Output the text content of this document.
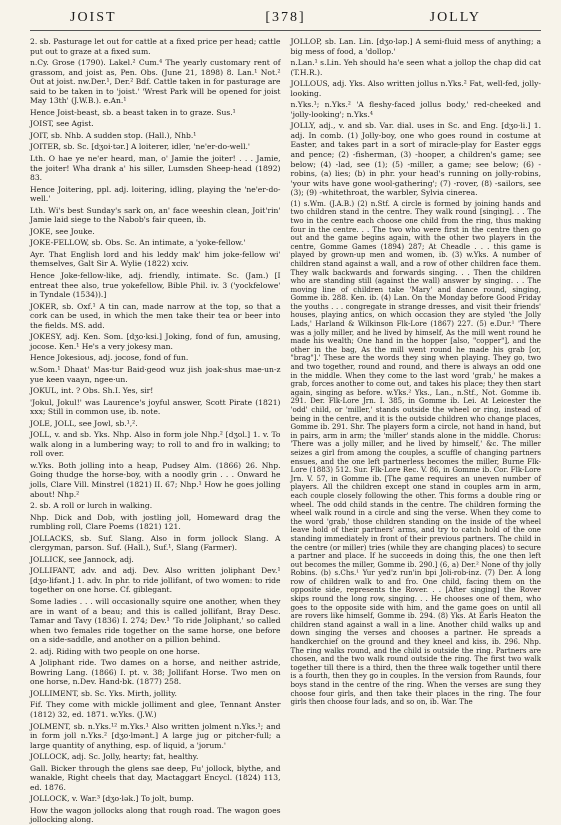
JOIST	[378]	JOLLY

2. sb. Pasturage let out for cattle at a fixed price per head; cattle put out to graze at a fixed sum.

n.Cy. Grose (1790). Lakel.² Cum.⁴ The yearly customary rent of grassom, and joist as, Pen. Obs. (June 21, 1898) 8. Lan.¹ Not.² Out at joist. nw.Der.¹, Der.² Bdf. Cattle taken in for pasturage are said to be taken in to 'joist.' 'Wrest Park will be opened for joist May 13th' (J.W.B.). e.An.¹

Hence Joist-beast, sb. a beast taken in to graze. Sus.¹

JOIST, see Agist.

JOIT, sb. Nhb. A sudden stop. (Hall.), Nhb.¹

JOITER, sb. Sc. [dʒoi·tər.] A loiterer, idler, 'ne'er-do-well.'

Lth. O hae ye ne'er heard, man, o' Jamie the joiter! . . . Jamie, the joiter! Wha drank a' his siller, Lumsden Sheep-head (1892) 83.

Hence Joitering, ppl. adj. loitering, idling, playing the 'ne'er-do-well.'

Lth. Wi's best Sunday's sark on, an' face weeshin clean, Joit'rin' Jamie laid siege to the Nabob's fair queen, ib.

JOKE, see Jouke.

JOKE-FELLOW, sb. Obs. Sc. An intimate, a 'yoke-fellow.'

Ayr. That English lord and his leddy mak' him joke-fellow wi' themselves, Galt Sir A. Wylie (1822) xciv.

Hence Joke-fellow-like, adj. friendly, intimate. Sc. (Jam.) [I entreat thee also, true yokefellow, Bible Phil. iv. 3 ('yockfelowe' in Tyndale (1534)).]

JOKER, sb. Oxf.¹ A tin can, made narrow at the top, so that a cork can be used, in which the men take their tea or beer into the fields. MS. add.

JOKESY, adj. Ken. Som. [dʒo·ksi.] Joking, fond of fun, amusing, jocose. Ken.¹ He's a very jokesy man.

Hence Jokesious, adj. jocose, fond of fun.

w.Som.¹ Dhaat' Mas·tur Baid·geod wuz jish joak·shus mae·un-z yue keen vaayn, ngee·un.

JOKUL, int. ? Obs. Sh.I. Yes, sir!

'Jokul, Jokul!' was Laurence's joyful answer, Scott Pirate (1821) xxx; Still in common use, ib. note.

JOLE, JOLL, see Jowl, sb.¹,².

JOLL, v. and sb. Yks. Nhp. Also in form jole Nhp.² [dʒol.] 1. v. To walk along in a lumbering way; to roll to and fro in walking; to roll over.

w.Yks. Both jolling into a heap, Pudsey Alm. (1866) 26. Nhp. Going thudge the horse-boy, with a noodly grin . . . Onward he jolls, Clare Vill. Minstrel (1821) II. 67; Nhp.¹ How he goes jolling about! Nhp.²

2. sb. A roll or lurch in walking.

Nhp. Dick and Dob, with jostling joll, Homeward drag the rumbling roll, Clare Poems (1821) 121.

JOLLACKS, sb. Suf. Slang. Also in form jollock Slang. A clergyman, parson. Suf. (Hall.), Suf.¹, Slang (Farmer).

JOLLICK, see Jannock, adj.

JOLLIFANT, adv. and adj. Dev. Also written joliphant Dev.¹ [dʒo·lifənt.] 1. adv. In phr. to ride jollifant, of two women: to ride together on one horse. Cf. giblegant.

Some ladies . . . will occasionally squire one another, when they are in want of a beau; and this is called jollifant, Bray Desc. Tamar and Tavy (1836) I. 274; Dev.¹ 'To ride Joliphant,' so called when two females ride together on the same horse, one before on a side-saddle, and another on a pillion behind.

2. adj. Riding with two people on one horse.

A Joliphant ride. Two dames on a horse, and neither astride, Bowring Lang. (1866) I. pt. v. 38; Jollifant Horse. Two men on one horse, n.Dev. Hand-bk. (1877) 258.

JOLLIMENT, sb. Sc. Yks. Mirth, jollity.

Fif. They come with mickle jolliment and glee, Tennant Anster (1812) 32, ed. 1871. w.Yks. (J.W.)

JOLMENT, sb. n.Yks.¹² m.Yks.¹ Also written jolment n.Yks.¹; and in form joll n.Yks.² [dʒo·lmənt.] A large jug or pitcher-full; a large quantity of anything, esp. of liquid, a 'jorum.'

JOLLOCK, adj. Sc. Jolly, hearty; fat, healthy.

Gall. Bicker through the glens sae deep, Fu' jollock, blythe, and wanakle, Right cheels that day, Mactaggart Encycl. (1824) 113, ed. 1876.

JOLLOCK, v. War.³ [dʒo·lək.] To jolt, bump.

How the wagon jollocks along that rough road. The wagon goes jollocking along.

JOLLOP, sb. Lan. Lin. [dʒo·ləp.] A semi-fluid mess of anything; a big mess of food, a 'dollop.'

n.Lan.¹ s.Lin. Yeh should ha'e seen what a jollop the chap did cat (T.H.R.).

JOLLOUS, adj. Yks. Also written jollus n.Yks.² Fat, well-fed, jolly-looking.

n.Yks.¹; n.Yks.² 'A fleshy-faced jollus body,' red-cheeked and 'jolly-looking'; n.Yks.⁴

JOLLY, adj., v. and sb. Var. dial. uses in Sc. and Eng. [dʒo·li.] 1. adj. In comb. (1) Jolly-boy, one who goes round in costume at Easter, and takes part in a sort of miracle-play for Easter eggs and pence; (2) -fisherman, (3) -hooper, a children's game; see below; (4) -lad, see (1); (5) -miller, a game; see below; (6) -robins, (a) lies; (b) in phr. your head's running on jolly-robins, 'your wits have gone wool-gathering'; (7) -rover, (8) -sailors, see (3); (9) -whitethroat, the warbler, Sylvia cinerea.

(1) s.Wm. (J.A.B.) (2) n.Stf. A circle is formed by joining hands and two children stand in the centre. They walk round [singing]. . . The two in the centre each choose one child from the ring, thus making four in the centre. . . The two who were first in the centre then go out and the game begins again, with the other two players in the centre, Gomme Games (1894) 287; At Cheadle . . . this game is played by grown-up men and women, ib. (3) w.Yks. A number of children stand against a wall, and a row of other children face them. They walk backwards and forwards singing. . . Then the children who are standing still (against the wall) answer by singing. . . The moving line of children take 'Mary' and dance round, singing, Gomme ib. 288. Ken. ib. (4) Lan. On the Monday before Good Friday the youths . . . congregate in strange dresses, and visit their friends' houses, playing antics, on which occasion they are styled 'the Jolly Lads,' Harland & Wilkinson Flk-Lore (1867) 227. (5) e.Dur.¹ 'There was a jolly miller, and he lived by himself, As the mill went round he made his wealth; One hand in the hopper [also, "copper"], and the other in the bag, As the mill went round he made his grab [or, "brag"].' These are the words they sing when playing. They go, two and two together, round and round, and there is always an odd one in the middle. When they come to the last word 'grab,' he makes a grab, forces another to come out, and takes his place; they then start again, singing as before. w.Yks.² Yks., Lan., n.Stf., Not. Gomme ib. 291. Der. Flk-Lore Jrn. I. 385, in Gomme ib. Lei. At Leicester the 'odd' child, or 'miller,' stands outside the wheel or ring, instead of being in the centre, and it is the outside children who change places, Gomme ib. 291. Shr. The players form a circle, not hand in hand, but in pairs, arm in arm; the 'miller' stands alone in the middle. Chorus: 'There was a jolly miller, and he lived by himself,' &c. The miller seizes a girl from among the couples, a scuffle of changing partners ensues, and the one left partnerless becomes the miller, Burne Flk-Lore (1883) 512. Sur. Flk-Lore Rec. V. 86, in Gomme ib. Cor. Flk-Lore Jrn. V. 57, in Gomme ib. [The game requires an uneven number of players. All the children except one stand in couples arm in arm, each couple closely following the other. This forms a double ring or wheel. The odd child stands in the centre. The children forming the wheel walk round in a circle and sing the verse. When they come to the word 'grab,' those children standing on the inside of the wheel leave hold of their partners' arms, and try to catch hold of the one standing immediately in front of their previous partners. The child in the centre (or miller) tries (while they are changing places) to secure a partner and place. If he succeeds in doing this, the one then left out becomes the miller, Gomme ib. 290.] (6, a) Der.² None of thy jolly Robins. (b) s.Chs.¹ Yur yed'z run'in bpi Joli-rob-inz. (7) Der. A long row of children walk to and fro. One child, facing them on the opposite side, represents the Rover. . . [After singing] the Rover skips round the long row, singing. . . He chooses one of them, who goes to the opposite side with him, and the game goes on until all are rovers like himself, Gomme ib. 294. (8) Yks. At Earls Heaton the children stand against a wall in a line. Another child walks up and down singing the verses and chooses a partner. He spreads a handkerchief on the ground and they kneel and kiss, ib. 296. Nhp. The ring walks round, and the child is outside the ring. Partners are chosen, and the two walk round outside the ring. The first two walk together till there is a third, then the three walk together until there is a fourth, then they go in couples. In the version from Raunds, four boys stand in the centre of the ring. When the verses are sung they choose four girls, and then take their places in the ring. The four girls then choose four lads, and so on, ib. War. The
